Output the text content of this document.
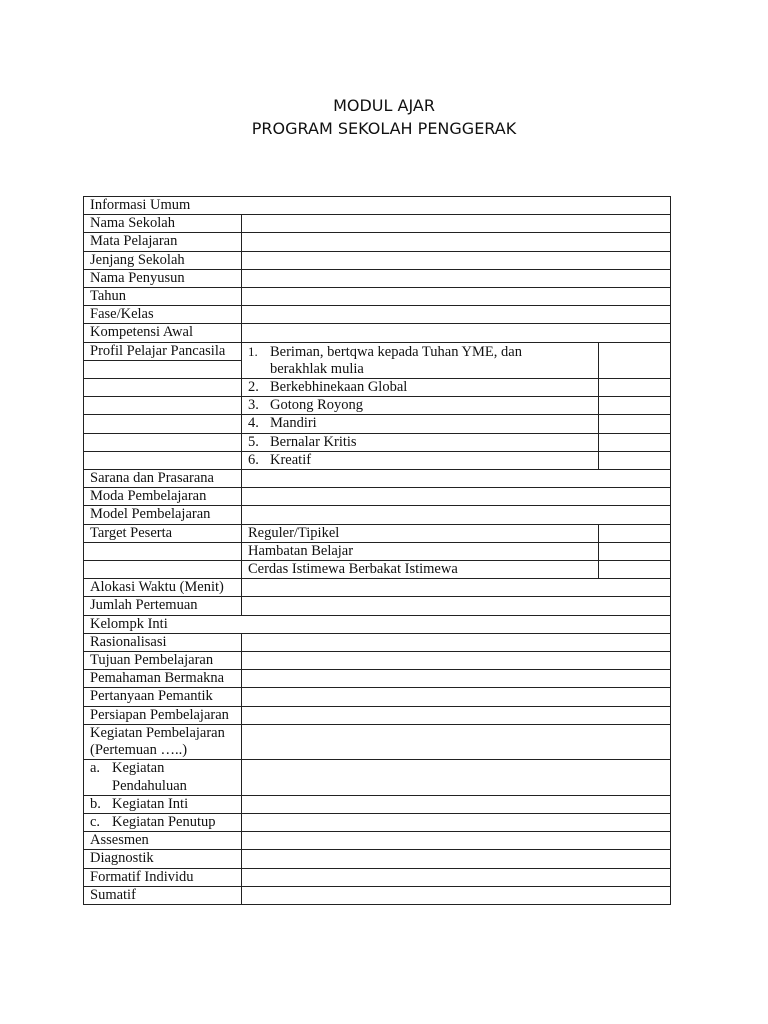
MODUL AJAR
PROGRAM SEKOLAH PENGGERAK
Informasi Umum		
Nama Sekolah		
Mata Pelajaran		
Jenjang Sekolah		
Nama Penyusun		
Tahun		
Fase/Kelas		
Kompetensi Awal		
Profil Pelajar Pancasila	1. Beriman, bertqwa kepada Tuhan YME, dan
berakhlak mulia	

	2. Berkebhinekaan Global	
	3. Gotong Royong	
	4. Mandiri	
	5. Bernalar Kritis	
	6. Kreatif	
Sarana dan Prasarana		
Moda Pembelajaran		
Model Pembelajaran		
Target Peserta	Reguler/Tipikel	
	Hambatan Belajar	
	Cerdas Istimewa Berbakat Istimewa	
Alokasi Waktu (Menit)		
Jumlah Pertemuan		
Kelompk Inti		
Rasionalisasi		
Tujuan Pembelajaran		
Pemahaman Bermakna		
Pertanyaan Pemantik		
Persiapan Pembelajaran		

Kegiatan Pembelajaran
(Pertemuan …..)		

a. Kegiatan
Pendahuluan		

b. Kegiatan Inti		
c. Kegiatan Penutup		
Assesmen		
Diagnostik		
Formatif Individu		
Sumatif		
